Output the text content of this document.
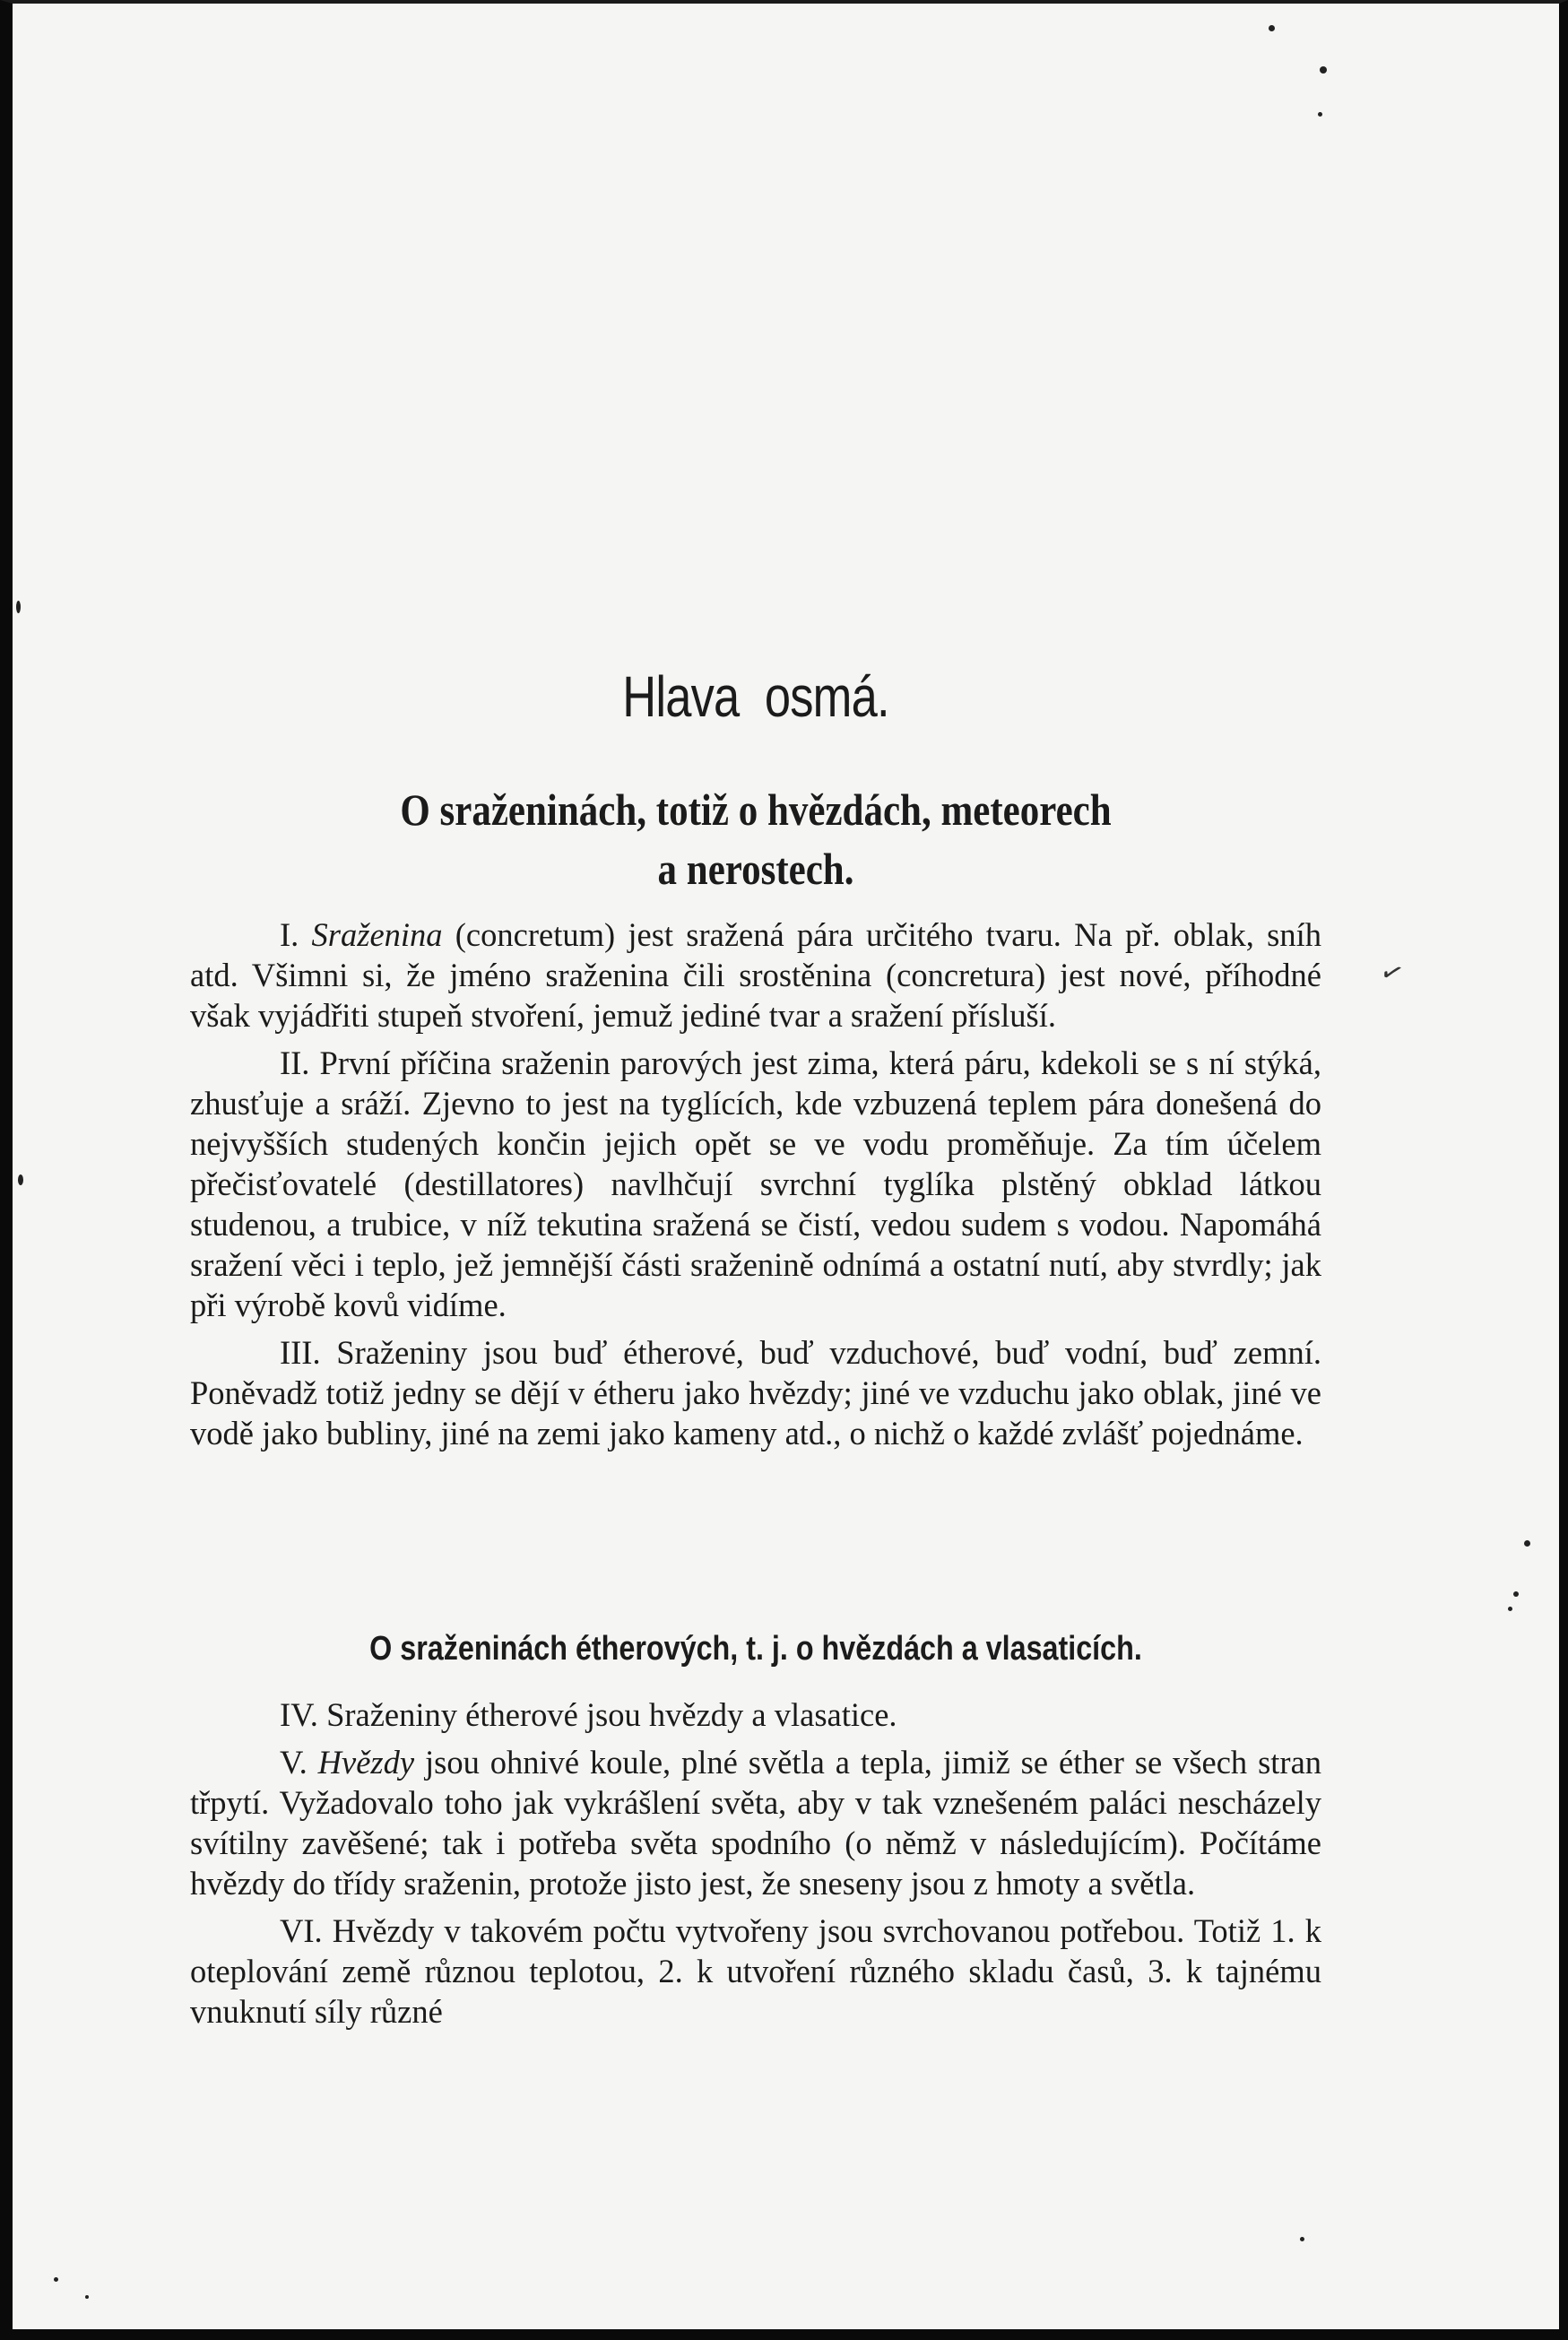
Hlava osmá.
O sraženinách, totiž o hvězdách, meteorech
a nerostech.

I. Sraženina (concretum) jest sražená pára určitého tvaru. Na př. oblak, sníh atd. Všimni si, že jméno sraženina čili srostěnina (concretura) jest nové, příhodné však vyjádřiti stupeň stvoření, jemuž jediné tvar a sražení přísluší.

II. První příčina sraženin parových jest zima, která páru, kdekoli se s ní stýká, zhusťuje a sráží. Zjevno to jest na tyglících, kde vzbuzená teplem pára donešená do nejvyšších studených končin jejich opět se ve vodu proměňuje. Za tím účelem přečisťovatelé (destillatores) navlhčují svrchní tyglíka plstěný obklad látkou studenou, a trubice, v níž tekutina sražená se čistí, vedou sudem s vodou. Napomáhá sražení věci i teplo, jež jemnější části sraženině odnímá a ostatní nutí, aby stvrdly; jak při výrobě kovů vidíme.

III. Sraženiny jsou buď étherové, buď vzduchové, buď vodní, buď zemní. Poněvadž totiž jedny se dějí v étheru jako hvězdy; jiné ve vzduchu jako oblak, jiné ve vodě jako bubliny, jiné na zemi jako kameny atd., o nichž o každé zvlášť pojednáme.

O sraženinách étherových, t. j. o hvězdách a vlasaticích.

IV. Sraženiny étherové jsou hvězdy a vlasatice.

V. Hvězdy jsou ohnivé koule, plné světla a tepla, jimiž se éther se všech stran třpytí. Vyžadovalo toho jak vykrášlení světa, aby v tak vznešeném paláci nescházely svítilny zavěšené; tak i potřeba světa spodního (o němž v následujícím). Počítáme hvězdy do třídy sraženin, protože jisto jest, že sneseny jsou z hmoty a světla.

VI. Hvězdy v takovém počtu vytvořeny jsou svrchovanou potřebou. Totiž 1. k oteplování země různou teplotou, 2. k utvoření různého skladu časů, 3. k tajnému vnuknutí síly různé

✓
